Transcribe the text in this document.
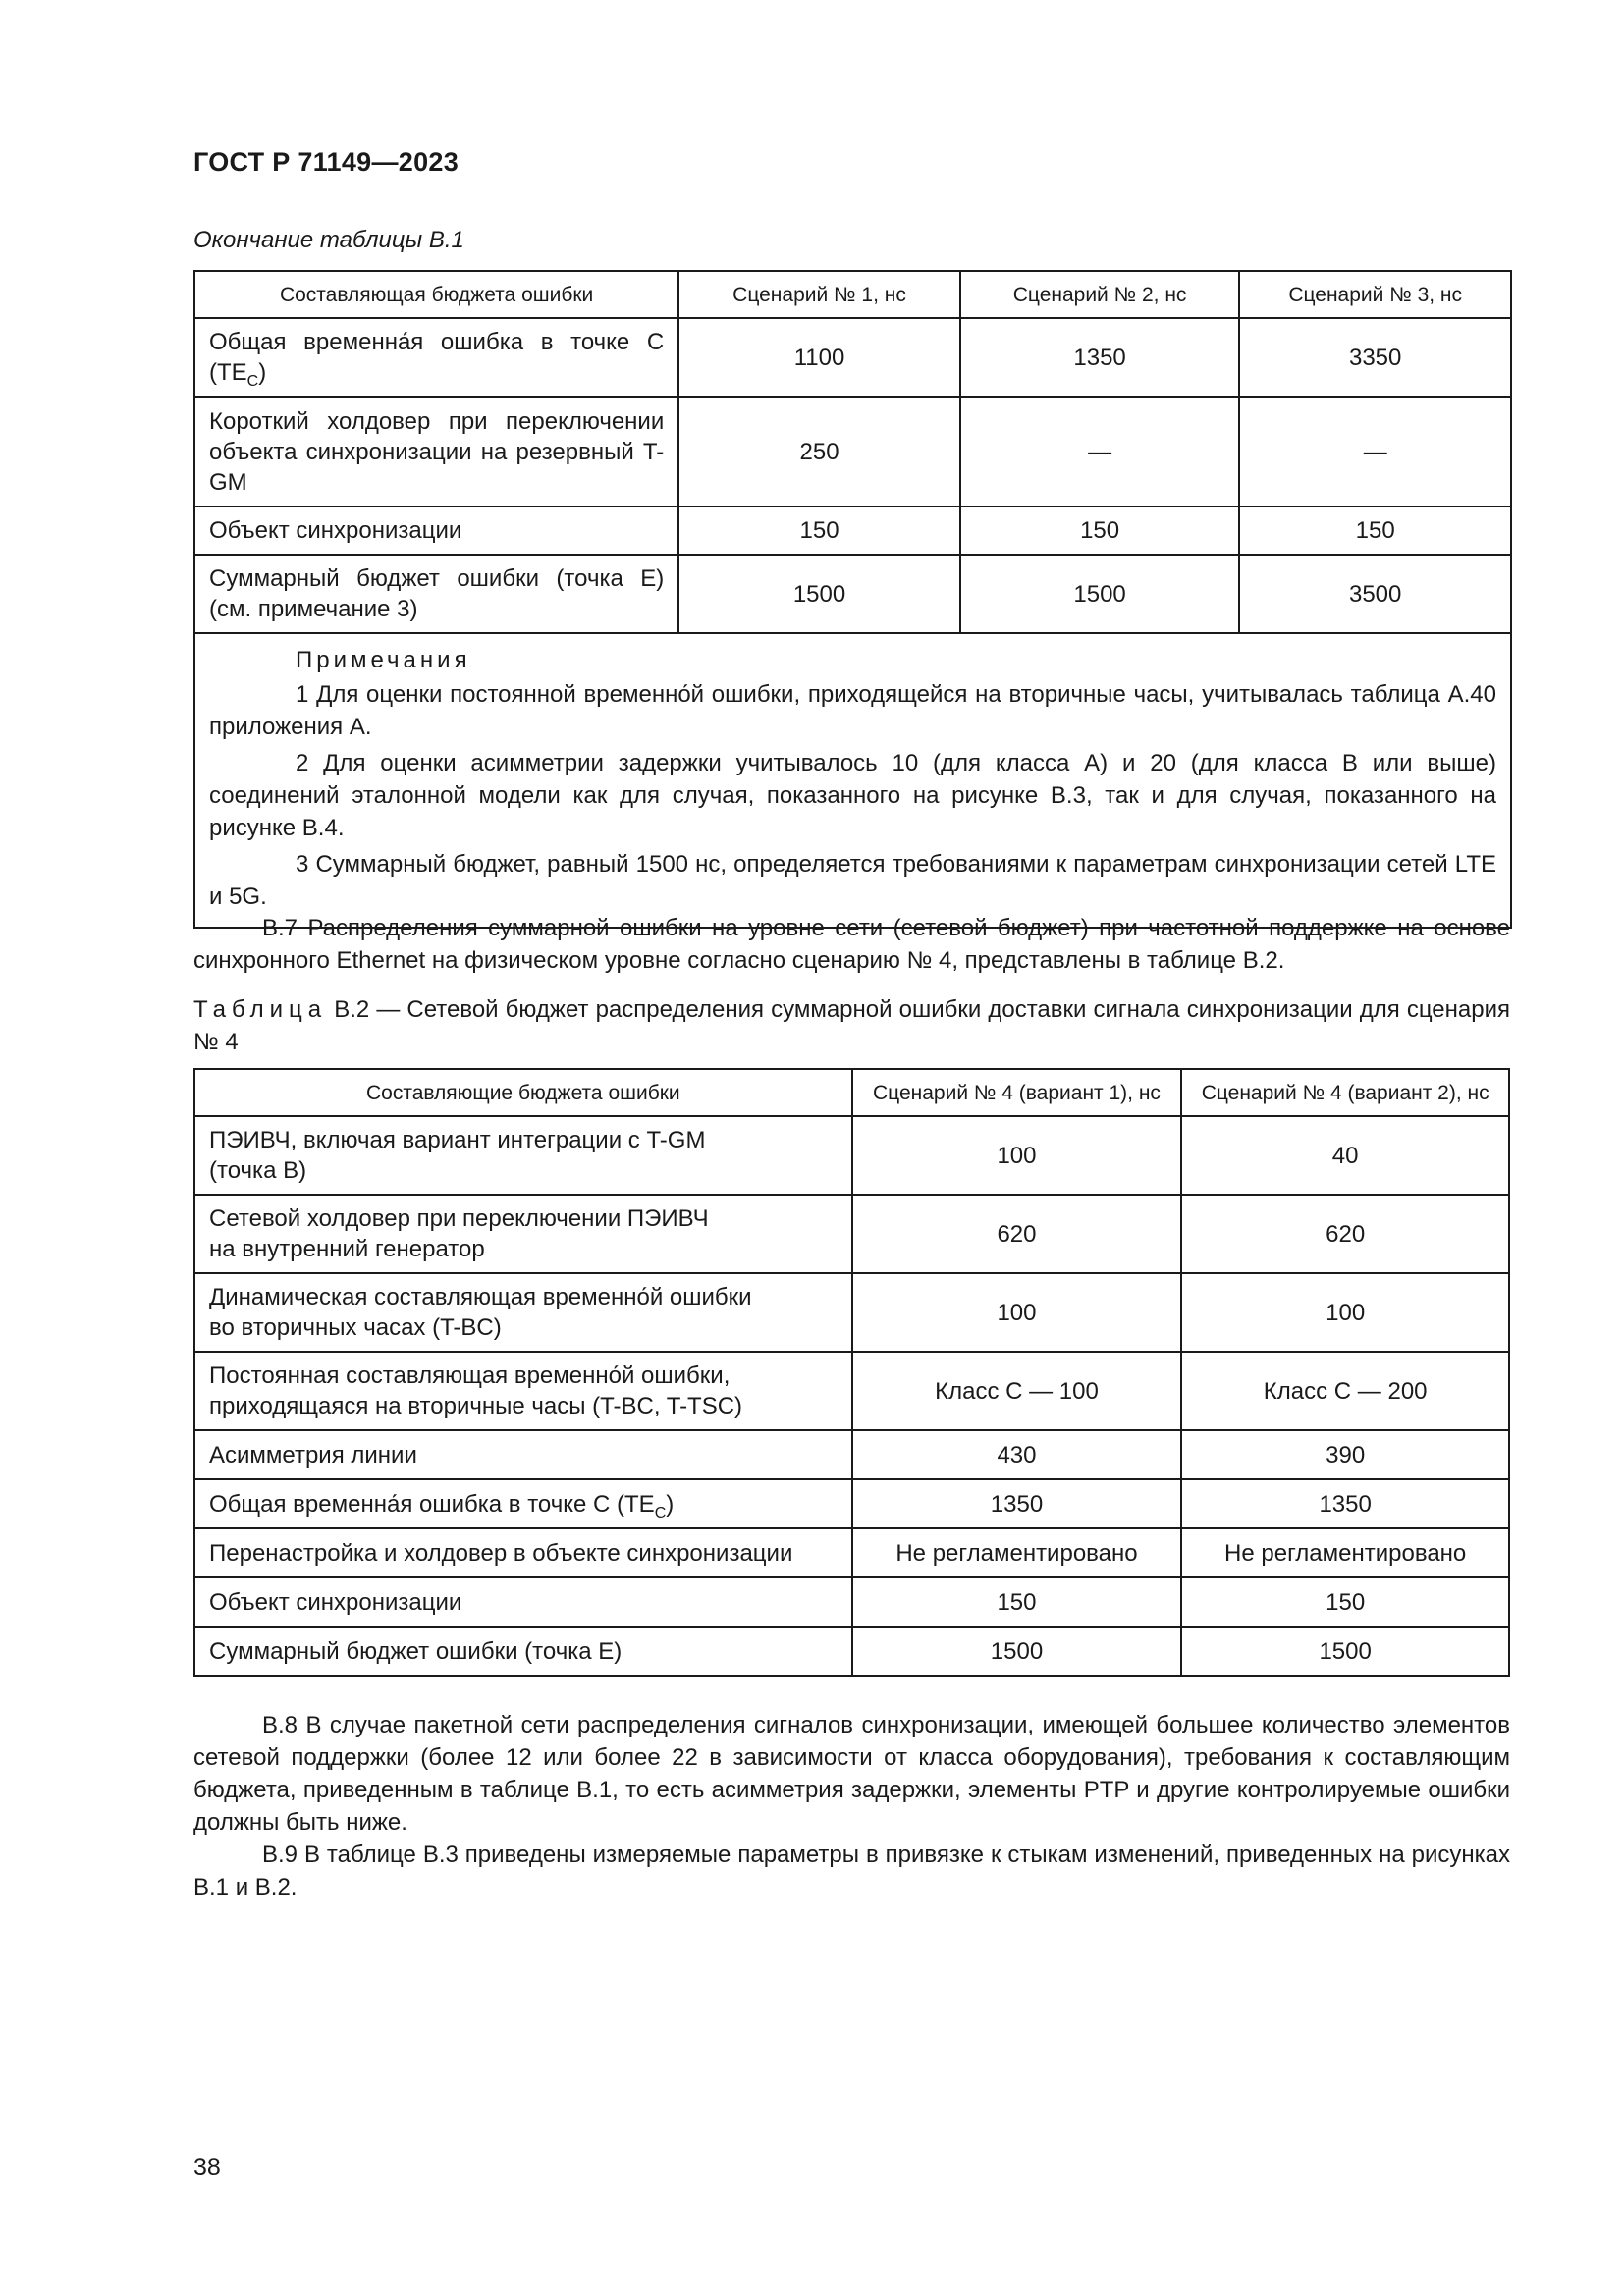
ГОСТ Р 71149—2023
Окончание таблицы В.1
Составляющая бюджета ошибки	Сценарий № 1, нс	Сценарий № 2, нс	Сценарий № 3, нс
Общая временна́я ошибка в точке C $(TE_C)$	1100	1350	3350
Короткий холдовер при переключении объекта синхронизации на резервный T-GM	250	—	—
Объект синхронизации	150	150	150
Суммарный бюджет ошибки (точка E) (см. примечание 3)	1500	1500	3500

Примечания
1 Для оценки постоянной временно́й ошибки, приходящейся на вторичные часы, учитывалась таблица А.40 приложения А.
2 Для оценки асимметрии задержки учитывалось 10 (для класса А) и 20 (для класса В или выше) соединений эталонной модели как для случая, показанного на рисунке В.3, так и для случая, показанного на рисунке В.4.
3 Суммарный бюджет, равный 1500 нс, определяется требованиями к параметрам синхронизации сетей LTE и 5G.			
В.7 Распределения суммарной ошибки на уровне сети (сетевой бюджет) при частотной поддержке на основе синхронного Ethernet на физическом уровне согласно сценарию № 4, представлены в таблице В.2.
Таблица В.2 — Сетевой бюджет распределения суммарной ошибки доставки сигнала синхронизации для сценария № 4
Составляющие бюджета ошибки	Сценарий № 4 (вариант 1), нс	Сценарий № 4 (вариант 2), нс
ПЭИВЧ, включая вариант интеграции с T-GM
(точка B)	100	40
Сетевой холдовер при переключении ПЭИВЧ
на внутренний генератор	620	620
Динамическая составляющая временно́й ошибки
во вторичных часах (T-BC)	100	100
Постоянная составляющая временно́й ошибки,
приходящаяся на вторичные часы (T-BC, T-TSC)	Класс C — 100	Класс C — 200
Асимметрия линии	430	390
Общая временна́я ошибка в точке C $(TE_C)$	1350	1350
Перенастройка и холдовер в объекте синхронизации	Не регламентировано	Не регламентировано
Объект синхронизации	150	150
Суммарный бюджет ошибки (точка E)	1500	1500
В.8 В случае пакетной сети распределения сигналов синхронизации, имеющей большее количество элементов сетевой поддержки (более 12 или более 22 в зависимости от класса оборудования), требования к составляющим бюджета, приведенным в таблице В.1, то есть асимметрия задержки, элементы PTP и другие контролируемые ошибки должны быть ниже.
В.9 В таблице В.3 приведены измеряемые параметры в привязке к стыкам изменений, приведенных на рисунках В.1 и В.2.
38
